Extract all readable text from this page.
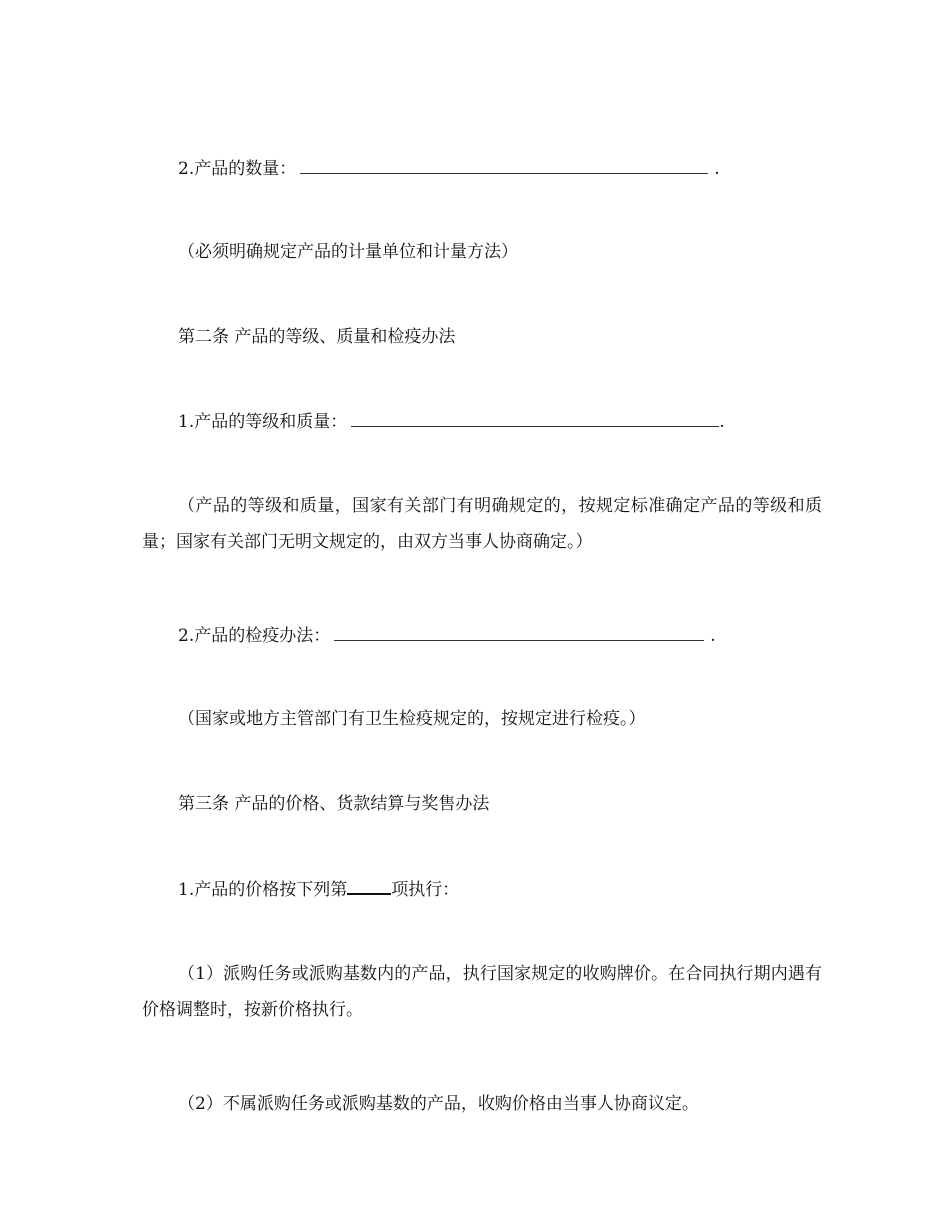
2.产品的数量：	.
（必须明确规定产品的计量单位和计量方法）
第二条 产品的等级、质量和检疫办法
1.产品的等级和质量：	.
（产品的等级和质量，国家有关部门有明确规定的，按规定标准确定产品的等级和质量；国家有关部门无明文规定的，由双方当事人协商确定。）
2.产品的检疫办法：	.
（国家或地方主管部门有卫生检疫规定的，按规定进行检疫。）
第三条 产品的价格、货款结算与奖售办法
1.产品的价格按下列第	项执行：
（1）派购任务或派购基数内的产品，执行国家规定的收购牌价。在合同执行期内遇有价格调整时，按新价格执行。
（2）不属派购任务或派购基数的产品，收购价格由当事人协商议定。
